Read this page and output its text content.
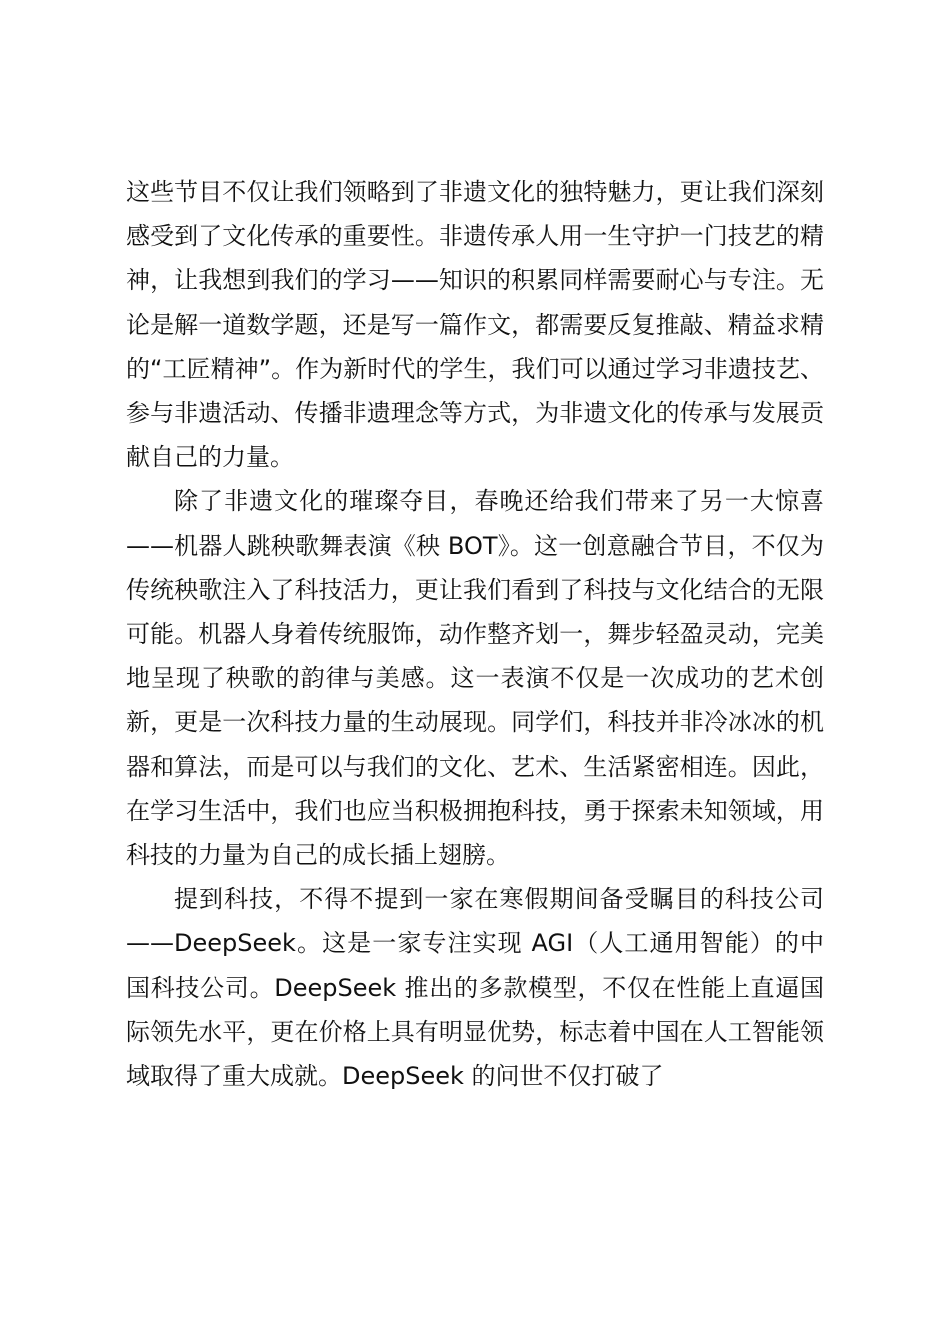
这些节目不仅让我们领略到了非遗文化的独特魅力，更让我们深刻感受到了文化传承的重要性。非遗传承人用一生守护一门技艺的精神，让我想到我们的学习——知识的积累同样需要耐心与专注。无论是解一道数学题，还是写一篇作文，都需要反复推敲、精益求精的“工匠精神”。作为新时代的学生，我们可以通过学习非遗技艺、参与非遗活动、传播非遗理念等方式，为非遗文化的传承与发展贡献自己的力量。

除了非遗文化的璀璨夺目，春晚还给我们带来了另一大惊喜——机器人跳秧歌舞表演《秧 BOT》。这一创意融合节目，不仅为传统秧歌注入了科技活力，更让我们看到了科技与文化结合的无限可能。机器人身着传统服饰，动作整齐划一，舞步轻盈灵动，完美地呈现了秧歌的韵律与美感。这一表演不仅是一次成功的艺术创新，更是一次科技力量的生动展现。同学们，科技并非冷冰冰的机器和算法，而是可以与我们的文化、艺术、生活紧密相连。因此，在学习生活中，我们也应当积极拥抱科技，勇于探索未知领域，用科技的力量为自己的成长插上翅膀。

提到科技，不得不提到一家在寒假期间备受瞩目的科技公司——DeepSeek。这是一家专注实现 AGI（人工通用智能）的中国科技公司。DeepSeek 推出的多款模型，不仅在性能上直逼国际领先水平，更在价格上具有明显优势，标志着中国在人工智能领域取得了重大成就。DeepSeek 的问世不仅打破了
